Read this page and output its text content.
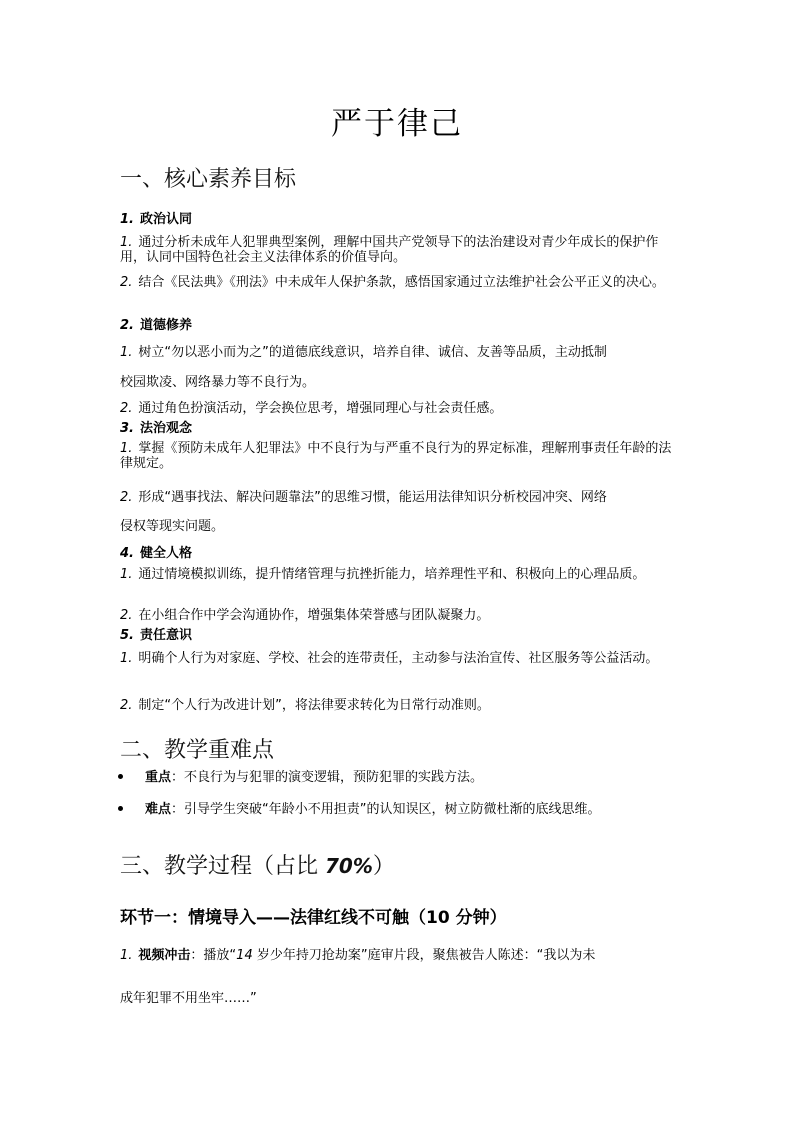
严于律己
一、核心素养目标
1. 政治认同
1. 通过分析未成年人犯罪典型案例，理解中国共产党领导下的法治建设对青少年成长的保护作用，认同中国特色社会主义法律体系的价值导向。
2. 结合《民法典》《刑法》中未成年人保护条款，感悟国家通过立法维护社会公平正义的决心。
2. 道德修养
1. 树立“勿以恶小而为之”的道德底线意识，培养自律、诚信、友善等品质，主动抵制
校园欺凌、网络暴力等不良行为。
2. 通过角色扮演活动，学会换位思考，增强同理心与社会责任感。
3. 法治观念
1. 掌握《预防未成年人犯罪法》中不良行为与严重不良行为的界定标准，理解刑事责任年龄的法律规定。
2. 形成“遇事找法、解决问题靠法”的思维习惯，能运用法律知识分析校园冲突、网络
侵权等现实问题。
4. 健全人格
1. 通过情境模拟训练，提升情绪管理与抗挫折能力，培养理性平和、积极向上的心理品质。
2. 在小组合作中学会沟通协作，增强集体荣誉感与团队凝聚力。
5. 责任意识
1. 明确个人行为对家庭、学校、社会的连带责任，主动参与法治宣传、社区服务等公益活动。
2. 制定“个人行为改进计划”，将法律要求转化为日常行动准则。
二、教学重难点
重点：不良行为与犯罪的演变逻辑，预防犯罪的实践方法。
难点：引导学生突破“年龄小不用担责”的认知误区，树立防微杜渐的底线思维。
三、教学过程（占比 70%）
环节一：情境导入——法律红线不可触（10 分钟）
1. 视频冲击：播放“14 岁少年持刀抢劫案”庭审片段，聚焦被告人陈述：“我以为未
成年犯罪不用坐牢……”
